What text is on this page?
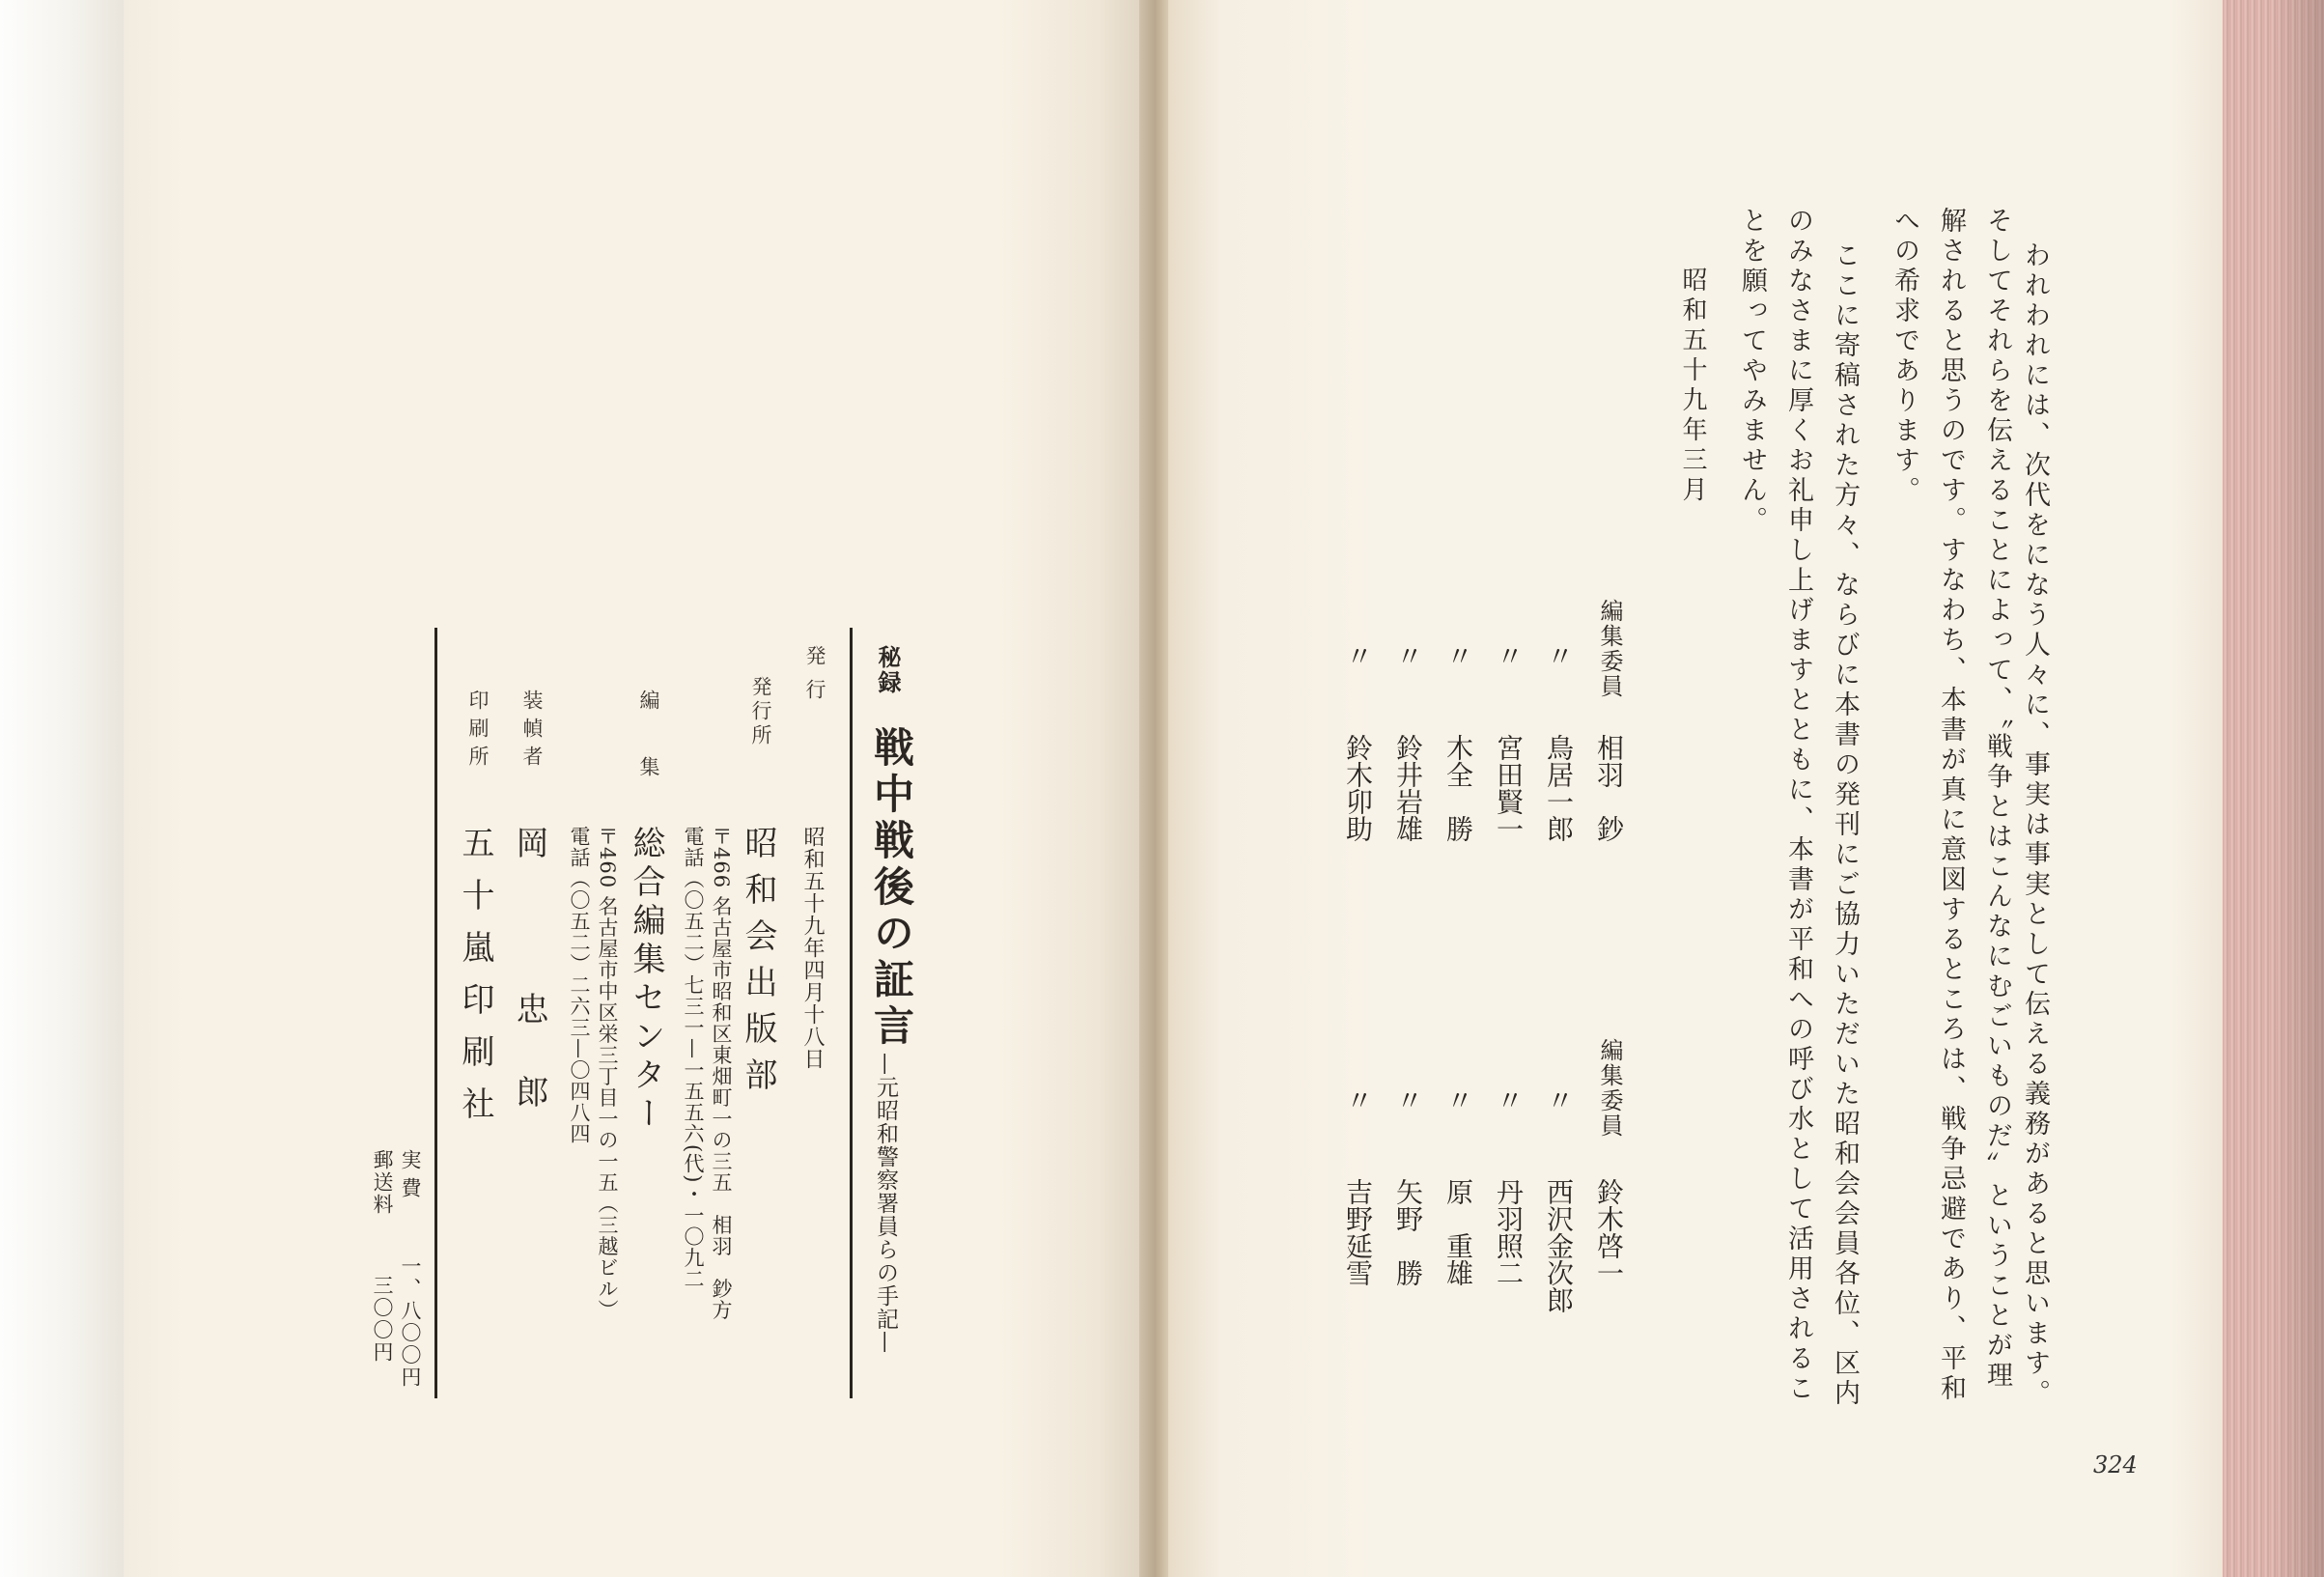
われわれには、次代をになう人々に、事実は事実として伝える義務があると思います。
そしてそれらを伝えることによって、〝戦争とはこんなにむごいものだ〟ということが理
解されると思うのです。すなわち、本書が真に意図するところは、戦争忌避であり、平和
への希求であります。
ここに寄稿された方々、ならびに本書の発刊にご協力いただいた昭和会会員各位、区内
のみなさまに厚くお礼申し上げますとともに、本書が平和への呼び水として活用されるこ
とを願ってやみません。
昭和五十九年三月
編集委員
相羽　鈔
〃
鳥居一郎
〃
宮田賢一
〃
木全　勝
〃
鈴井岩雄
〃
鈴木卯助
編集委員
鈴木啓一
〃
西沢金次郎
〃
丹羽照二
〃
原　重雄
〃
矢野　勝
〃
吉野延雪
324
秘録
戦中戦後の証言
—元昭和警察署員らの手記—
発行
昭和五十九年四月十八日
発行所
昭和会出版部
〒466 名古屋市昭和区東畑町一の三五　相羽　鈔方
電話（〇五二）七三一—一五五六(代)・一〇九二
編集
総合編集センター
〒460 名古屋市中区栄三丁目一の一五（三越ビル）
電話（〇五二）二六三—〇四八四
装幀者
岡　忠郎
印刷所
五十嵐印刷社
実費
一、八〇〇円
郵送料
三〇〇円
